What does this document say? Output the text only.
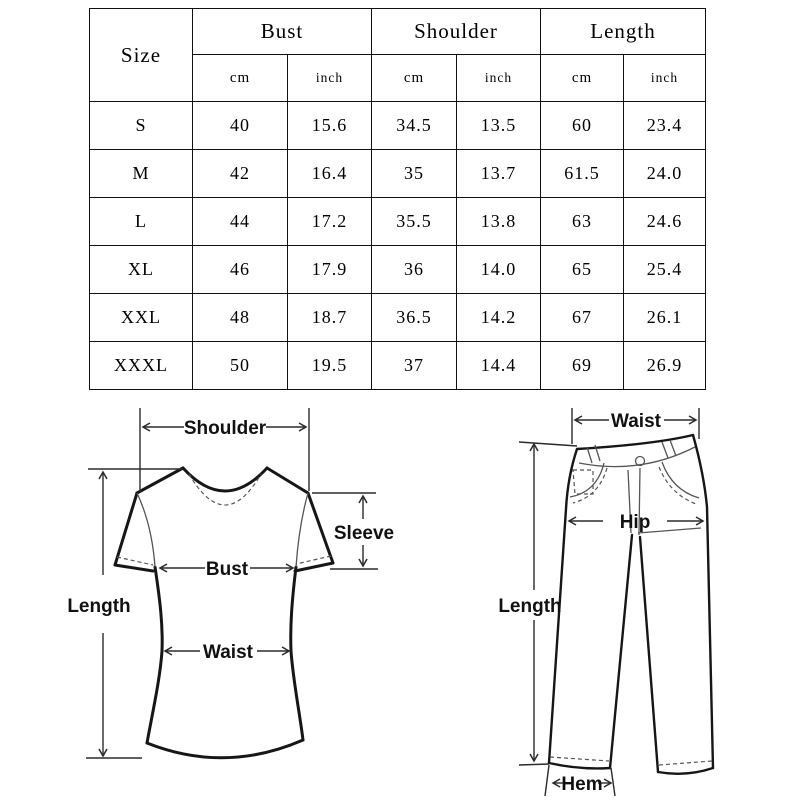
Size	Bust		Shoulder		Length	
	cm	inch	cm	inch	cm	inch
S	40	15.6	34.5	13.5	60	23.4
M	42	16.4	35	13.7	61.5	24.0
L	44	17.2	35.5	13.8	63	24.6
XL	46	17.9	36	14.0	65	25.4
XXL	48	18.7	36.5	14.2	67	26.1
XXXL	50	19.5	37	14.4	69	26.9
Shoulder
Length
Bust
Waist
Sleeve
Waist
Hip
Length
Hem
